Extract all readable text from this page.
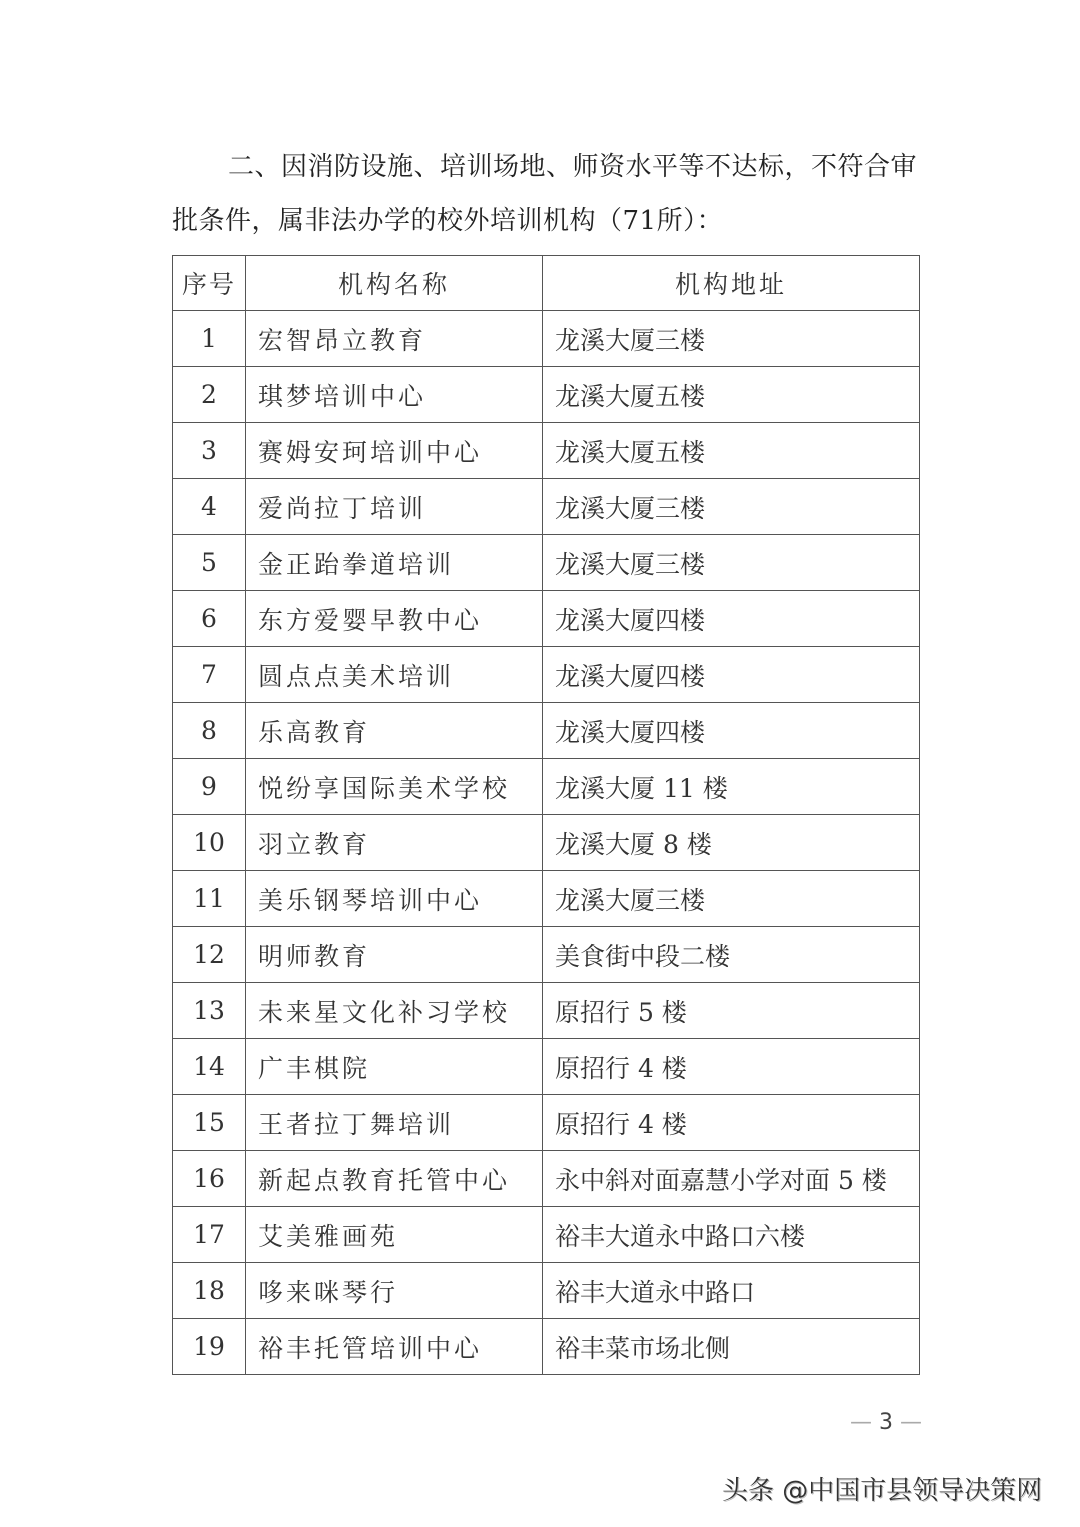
二、因消防设施、培训场地、师资水平等不达标，不符合审
批条件，属非法办学的校外培训机构（71所）：
序号	机构名称	机构地址
1	宏智昂立教育	龙溪大厦三楼
2	琪梦培训中心	龙溪大厦五楼
3	赛姆安珂培训中心	龙溪大厦五楼
4	爱尚拉丁培训	龙溪大厦三楼
5	金正跆拳道培训	龙溪大厦三楼
6	东方爱婴早教中心	龙溪大厦四楼
7	圆点点美术培训	龙溪大厦四楼
8	乐高教育	龙溪大厦四楼
9	悦纷享国际美术学校	龙溪大厦 11 楼
10	羽立教育	龙溪大厦 8 楼
11	美乐钢琴培训中心	龙溪大厦三楼
12	明师教育	美食街中段二楼
13	未来星文化补习学校	原招行 5 楼
14	广丰棋院	原招行 4 楼
15	王者拉丁舞培训	原招行 4 楼
16	新起点教育托管中心	永中斜对面嘉慧小学对面 5 楼
17	艾美雅画苑	裕丰大道永中路口六楼
18	哆来咪琴行	裕丰大道永中路口
19	裕丰托管培训中心	裕丰菜市场北侧
— 3 —
头条 @中国市县领导决策网
